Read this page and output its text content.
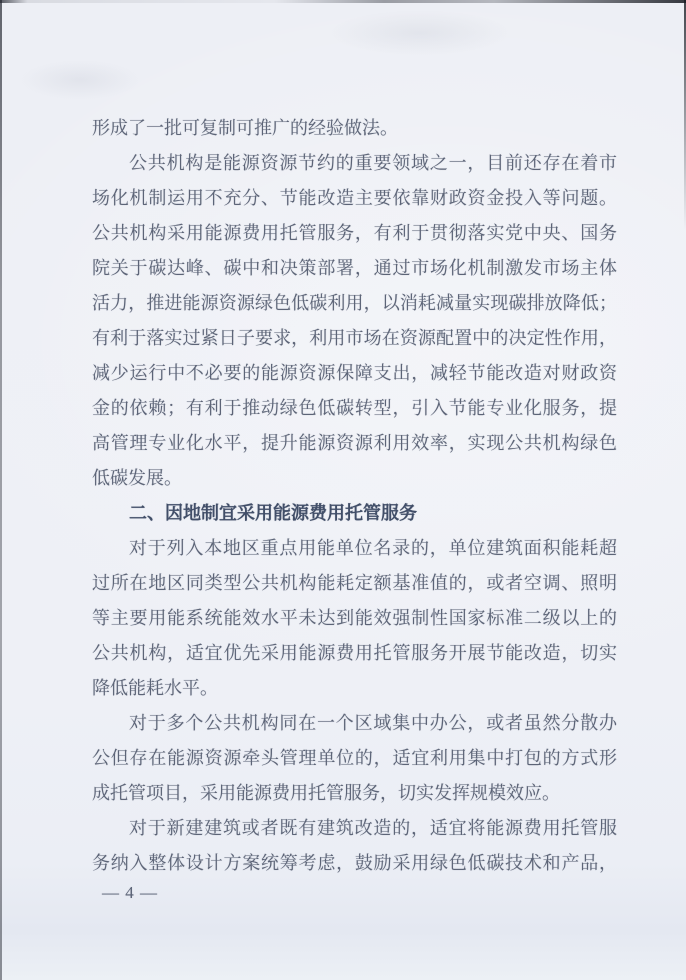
形成了一批可复制可推广的经验做法。
公共机构是能源资源节约的重要领域之一，目前还存在着市
场化机制运用不充分、节能改造主要依靠财政资金投入等问题。
公共机构采用能源费用托管服务，有利于贯彻落实党中央、国务
院关于碳达峰、碳中和决策部署，通过市场化机制激发市场主体
活力，推进能源资源绿色低碳利用，以消耗减量实现碳排放降低；
有利于落实过紧日子要求，利用市场在资源配置中的决定性作用，
减少运行中不必要的能源资源保障支出，减轻节能改造对财政资
金的依赖；有利于推动绿色低碳转型，引入节能专业化服务，提
高管理专业化水平，提升能源资源利用效率，实现公共机构绿色
低碳发展。
二、因地制宜采用能源费用托管服务
对于列入本地区重点用能单位名录的，单位建筑面积能耗超
过所在地区同类型公共机构能耗定额基准值的，或者空调、照明
等主要用能系统能效水平未达到能效强制性国家标准二级以上的
公共机构，适宜优先采用能源费用托管服务开展节能改造，切实
降低能耗水平。
对于多个公共机构同在一个区域集中办公，或者虽然分散办
公但存在能源资源牵头管理单位的，适宜利用集中打包的方式形
成托管项目，采用能源费用托管服务，切实发挥规模效应。
对于新建建筑或者既有建筑改造的，适宜将能源费用托管服
务纳入整体设计方案统筹考虑，鼓励采用绿色低碳技术和产品，
— 4 —
